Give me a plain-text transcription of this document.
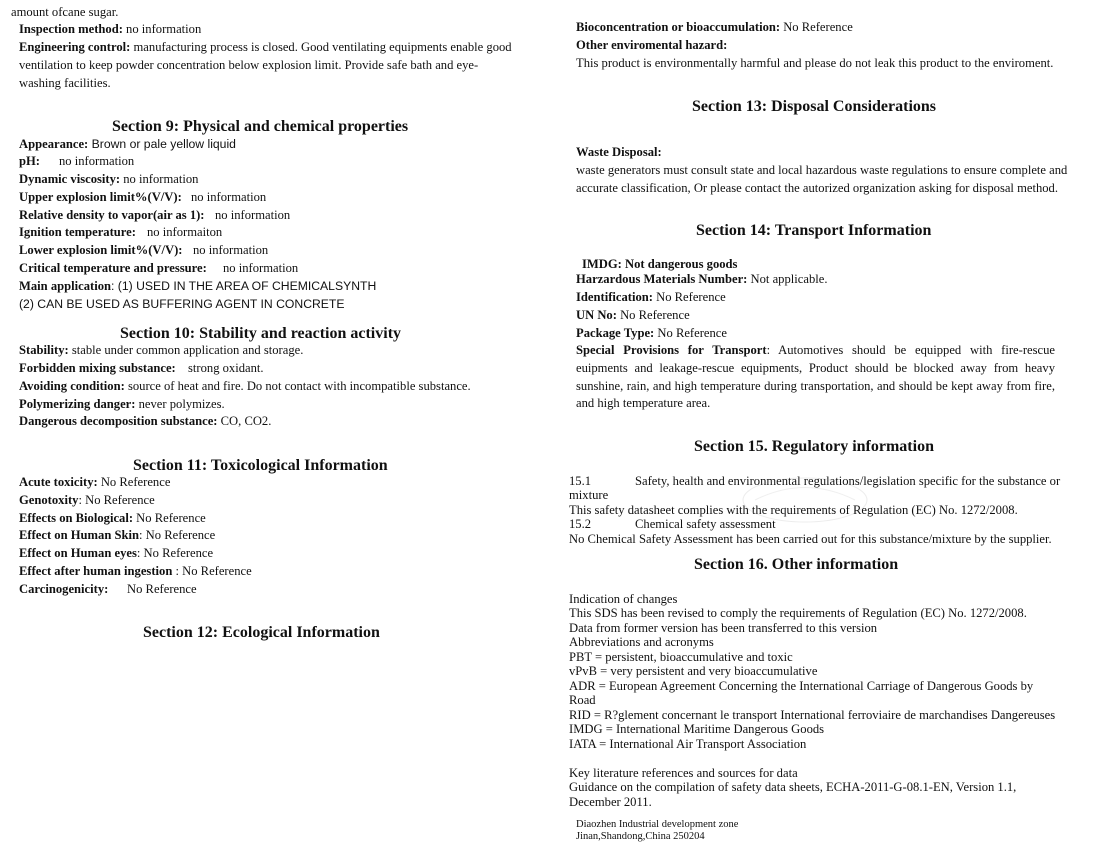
amount ofcane sugar.
Inspection method: no information
Engineering control: manufacturing process is closed. Good ventilating equipments enable good
ventilation to keep powder concentration below explosion limit. Provide safe bath and eye-
washing facilities.
Section 9: Physical and chemical properties
Appearance: Brown or pale yellow liquid
pH: no information
Dynamic viscosity: no information
Upper explosion limit%(V/V): no information
Relative density to vapor(air as 1): no information
Ignition temperature: no informaiton
Lower explosion limit%(V/V): no information
Critical temperature and pressure: no information
Main application: (1) USED IN THE AREA OF CHEMICALSYNTH
(2) CAN BE USED AS BUFFERING AGENT IN CONCRETE
Section 10: Stability and reaction activity
Stability: stable under common application and storage.
Forbidden mixing substance: strong oxidant.
Avoiding condition: source of heat and fire. Do not contact with incompatible substance.
Polymerizing danger: never polymizes.
Dangerous decomposition substance: CO, CO2.
Section 11: Toxicological Information
Acute toxicity: No Reference
Genotoxity: No Reference
Effects on Biological: No Reference
Effect on Human Skin: No Reference
Effect on Human eyes: No Reference
Effect after human ingestion : No Reference
Carcinogenicity: No Reference
Section 12: Ecological Information
Bioconcentration or bioaccumulation: No Reference
Other enviromental hazard:
This product is environmentally harmful and please do not leak this product to the enviroment.
Section 13: Disposal Considerations
Waste Disposal:
waste generators must consult state and local hazardous waste regulations to ensure complete and
accurate classification, Or please contact the autorized organization asking for disposal method.
Section 14: Transport Information
IMDG: Not dangerous goods
Harzardous Materials Number: Not applicable.
Identification: No Reference
UN No: No Reference
Package Type: No Reference
Special Provisions for Transport: Automotives should be equipped with fire-rescue euipments and leakage-rescue equipments, Product should be blocked away from heavy sunshine, rain, and high temperature during transportation, and should be kept away from fire, and high temperature area.
Section 15. Regulatory information
15.1	Safety, health and environmental regulations/legislation specific for the substance or
mixture
This safety datasheet complies with the requirements of Regulation (EC) No. 1272/2008.
15.2	Chemical safety assessment
No Chemical Safety Assessment has been carried out for this substance/mixture by the supplier.
Section 16. Other information
Indication of changes
This SDS has been revised to comply the requirements of Regulation (EC) No. 1272/2008.
Data from former version has been transferred to this version
Abbreviations and acronyms
PBT = persistent, bioaccumulative and toxic
vPvB = very persistent and very bioaccumulative
ADR = European Agreement Concerning the International Carriage of Dangerous Goods by
Road
RID = R?glement concernant le transport International ferroviaire de marchandises Dangereuses
IMDG = International Maritime Dangerous Goods
IATA = International Air Transport Association
Key literature references and sources for data
Guidance on the compilation of safety data sheets, ECHA-2011-G-08.1-EN, Version 1.1,
December 2011.
Diaozhen Industrial development zone
Jinan,Shandong,China 250204
